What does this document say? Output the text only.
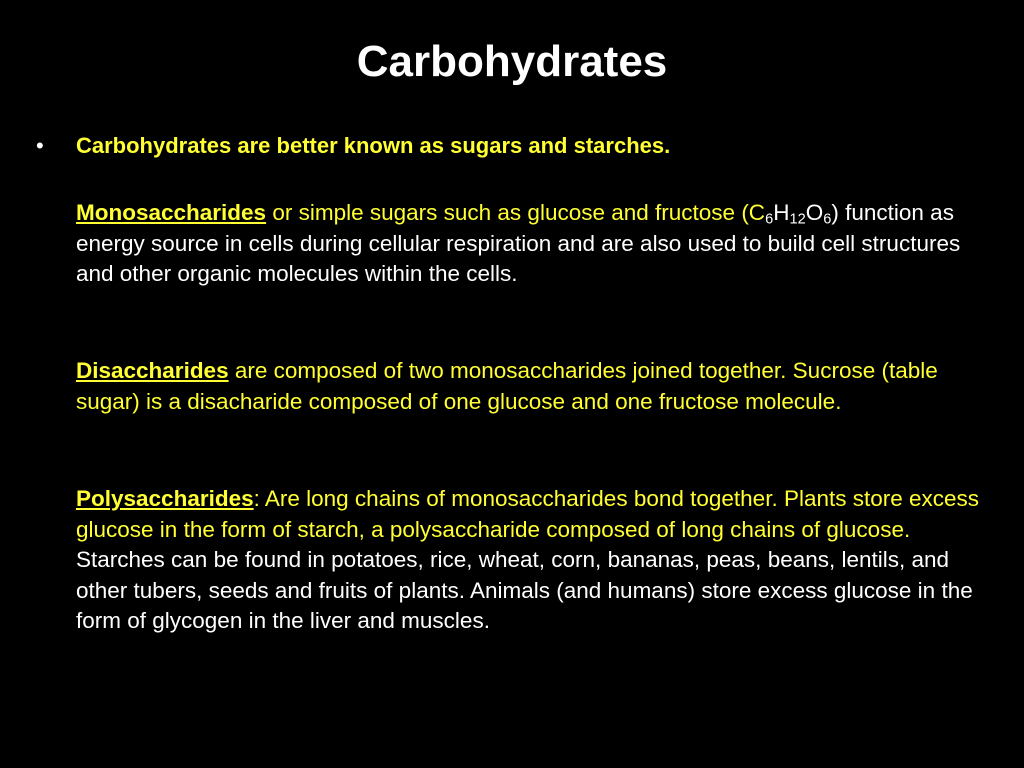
Carbohydrates
• Carbohydrates are better known as sugars and starches.
Monosaccharides or simple sugars such as glucose and fructose $(C_6H_{12}O_6)$ function as energy source in cells during cellular respiration and are also used to build cell structures and other organic molecules within the cells.
Disaccharides are composed of two monosaccharides joined together. Sucrose (table sugar) is a disacharide composed of one glucose and one fructose molecule.
Polysaccharides: Are long chains of monosaccharides bond together. Plants store excess glucose in the form of starch, a polysaccharide composed of long chains of glucose. Starches can be found in potatoes, rice, wheat, corn, bananas, peas, beans, lentils, and other tubers, seeds and fruits of plants. Animals (and humans) store excess glucose in the form of glycogen in the liver and muscles.
